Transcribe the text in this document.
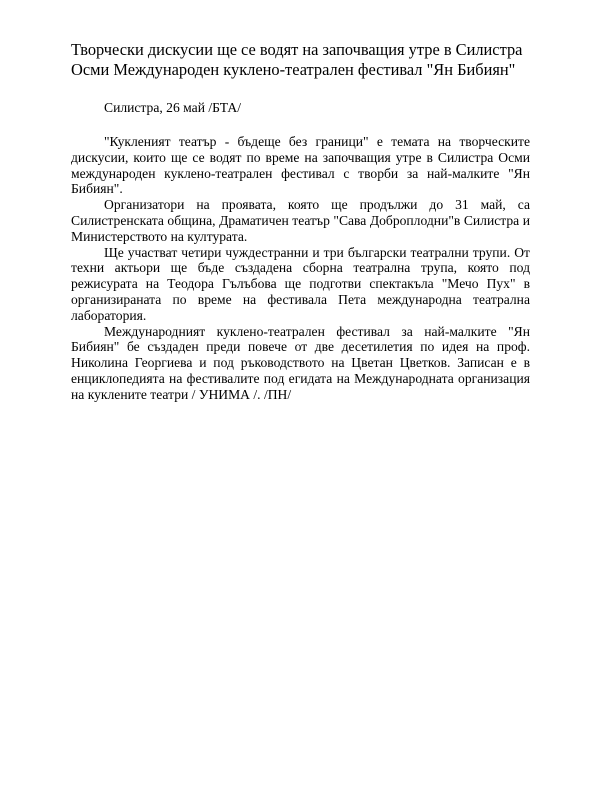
Творчески дискусии ще се водят на започващия утре в Силистра
Осми Международен куклено-театрален фестивал "Ян Бибиян"
Силистра, 26 май /БТА/

"Куклeният театър - бъдеще без граници" е темата на творческите дискусии, които ще се водят по време на започващия утре в Силистра Осми международен куклено-театрален фестивал с творби за най-малките "Ян Бибиян".

Организатори на проявата, която ще продължи до 31 май, са Силистренската община, Драматичен театър "Сава Доброплодни"в Силистра и Министерството на културата.

Ще участват четири чуждестранни и три български театрални трупи. От техни актьори ще бъде създадена сборна театрална трупа, която под режисурата на Теодора Гълъбова ще подготви спектакъла "Мечо Пух" в организираната по време на фестивала Пета международна театрална лаборатория.

Международният куклено-театрален фестивал за най-малките "Ян Бибиян" бе създаден преди повече от две десетилетия по идея на проф. Николина Георгиева и под ръководството на Цветан Цветков. Записан е в енциклопедията на фестивалите под егидата на Международната организация на куклените театри / УНИМА /. /ПН/
